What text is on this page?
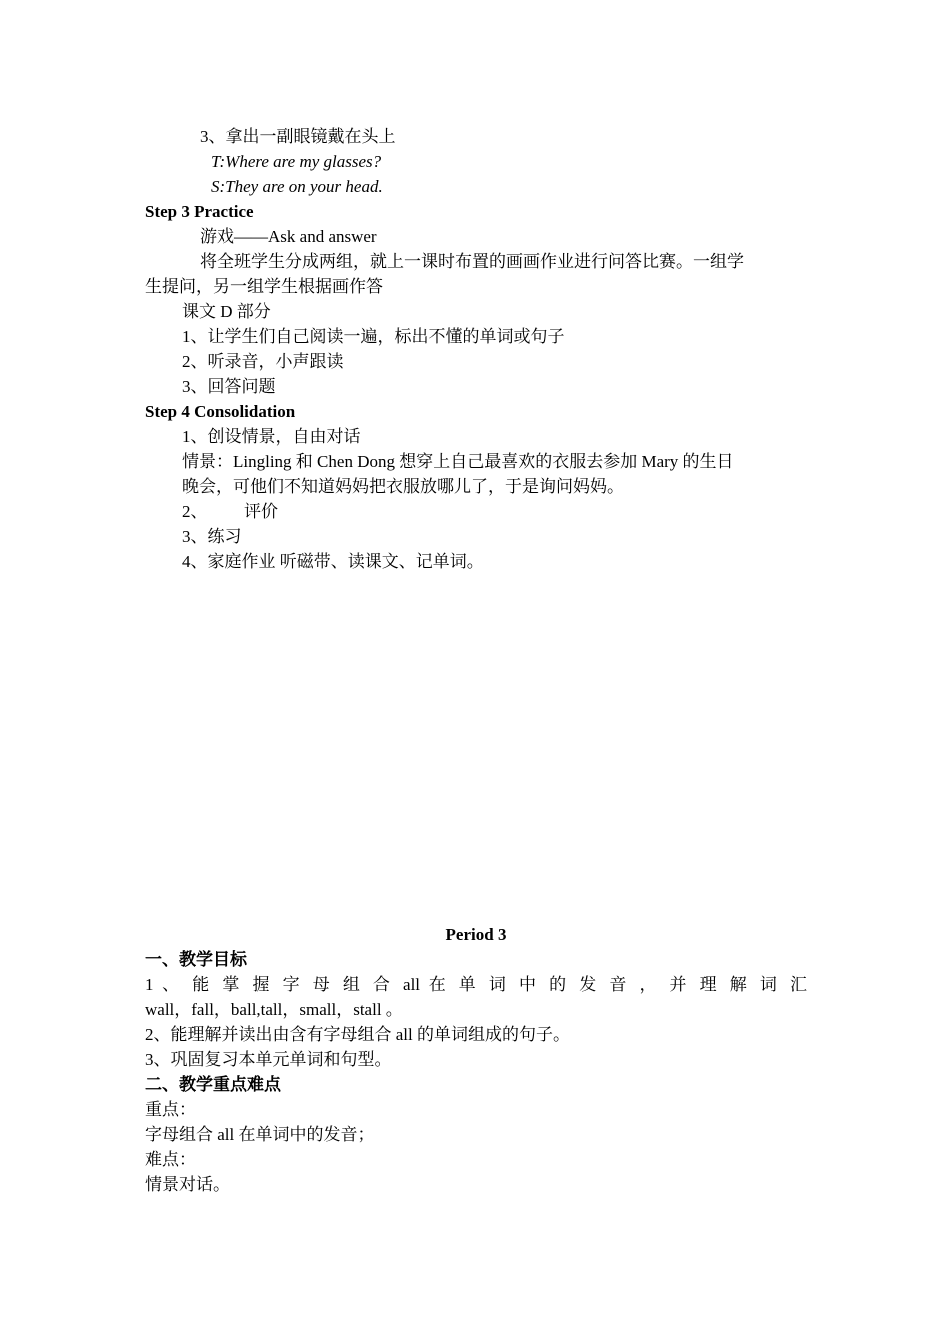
3、拿出一副眼镜戴在头上
T:Where are my glasses?
S:They are on your head.
Step 3 Practice
游戏——Ask and answer
将全班学生分成两组，就上一课时布置的画画作业进行问答比赛。一组学
生提问，另一组学生根据画作答
课文 D 部分
1、让学生们自己阅读一遍，标出不懂的单词或句子
2、听录音，小声跟读
3、回答问题
Step 4 Consolidation
1、创设情景，自由对话
情景：Lingling 和 Chen Dong 想穿上自己最喜欢的衣服去参加 Mary 的生日
晚会，可他们不知道妈妈把衣服放哪儿了，于是询问妈妈。
2、 评价
3、练习
4、家庭作业 听磁带、读课文、记单词。
Period 3
一、教学目标
1 、 能 掌 握 字 母 组 合 all 在 单 词 中 的 发 音 ， 并 理 解 词 汇
wall，fall，ball,tall，small，stall 。
2、能理解并读出由含有字母组合 all 的单词组成的句子。
3、巩固复习本单元单词和句型。
二、教学重点难点
重点：
字母组合 all 在单词中的发音；
难点：
情景对话。
